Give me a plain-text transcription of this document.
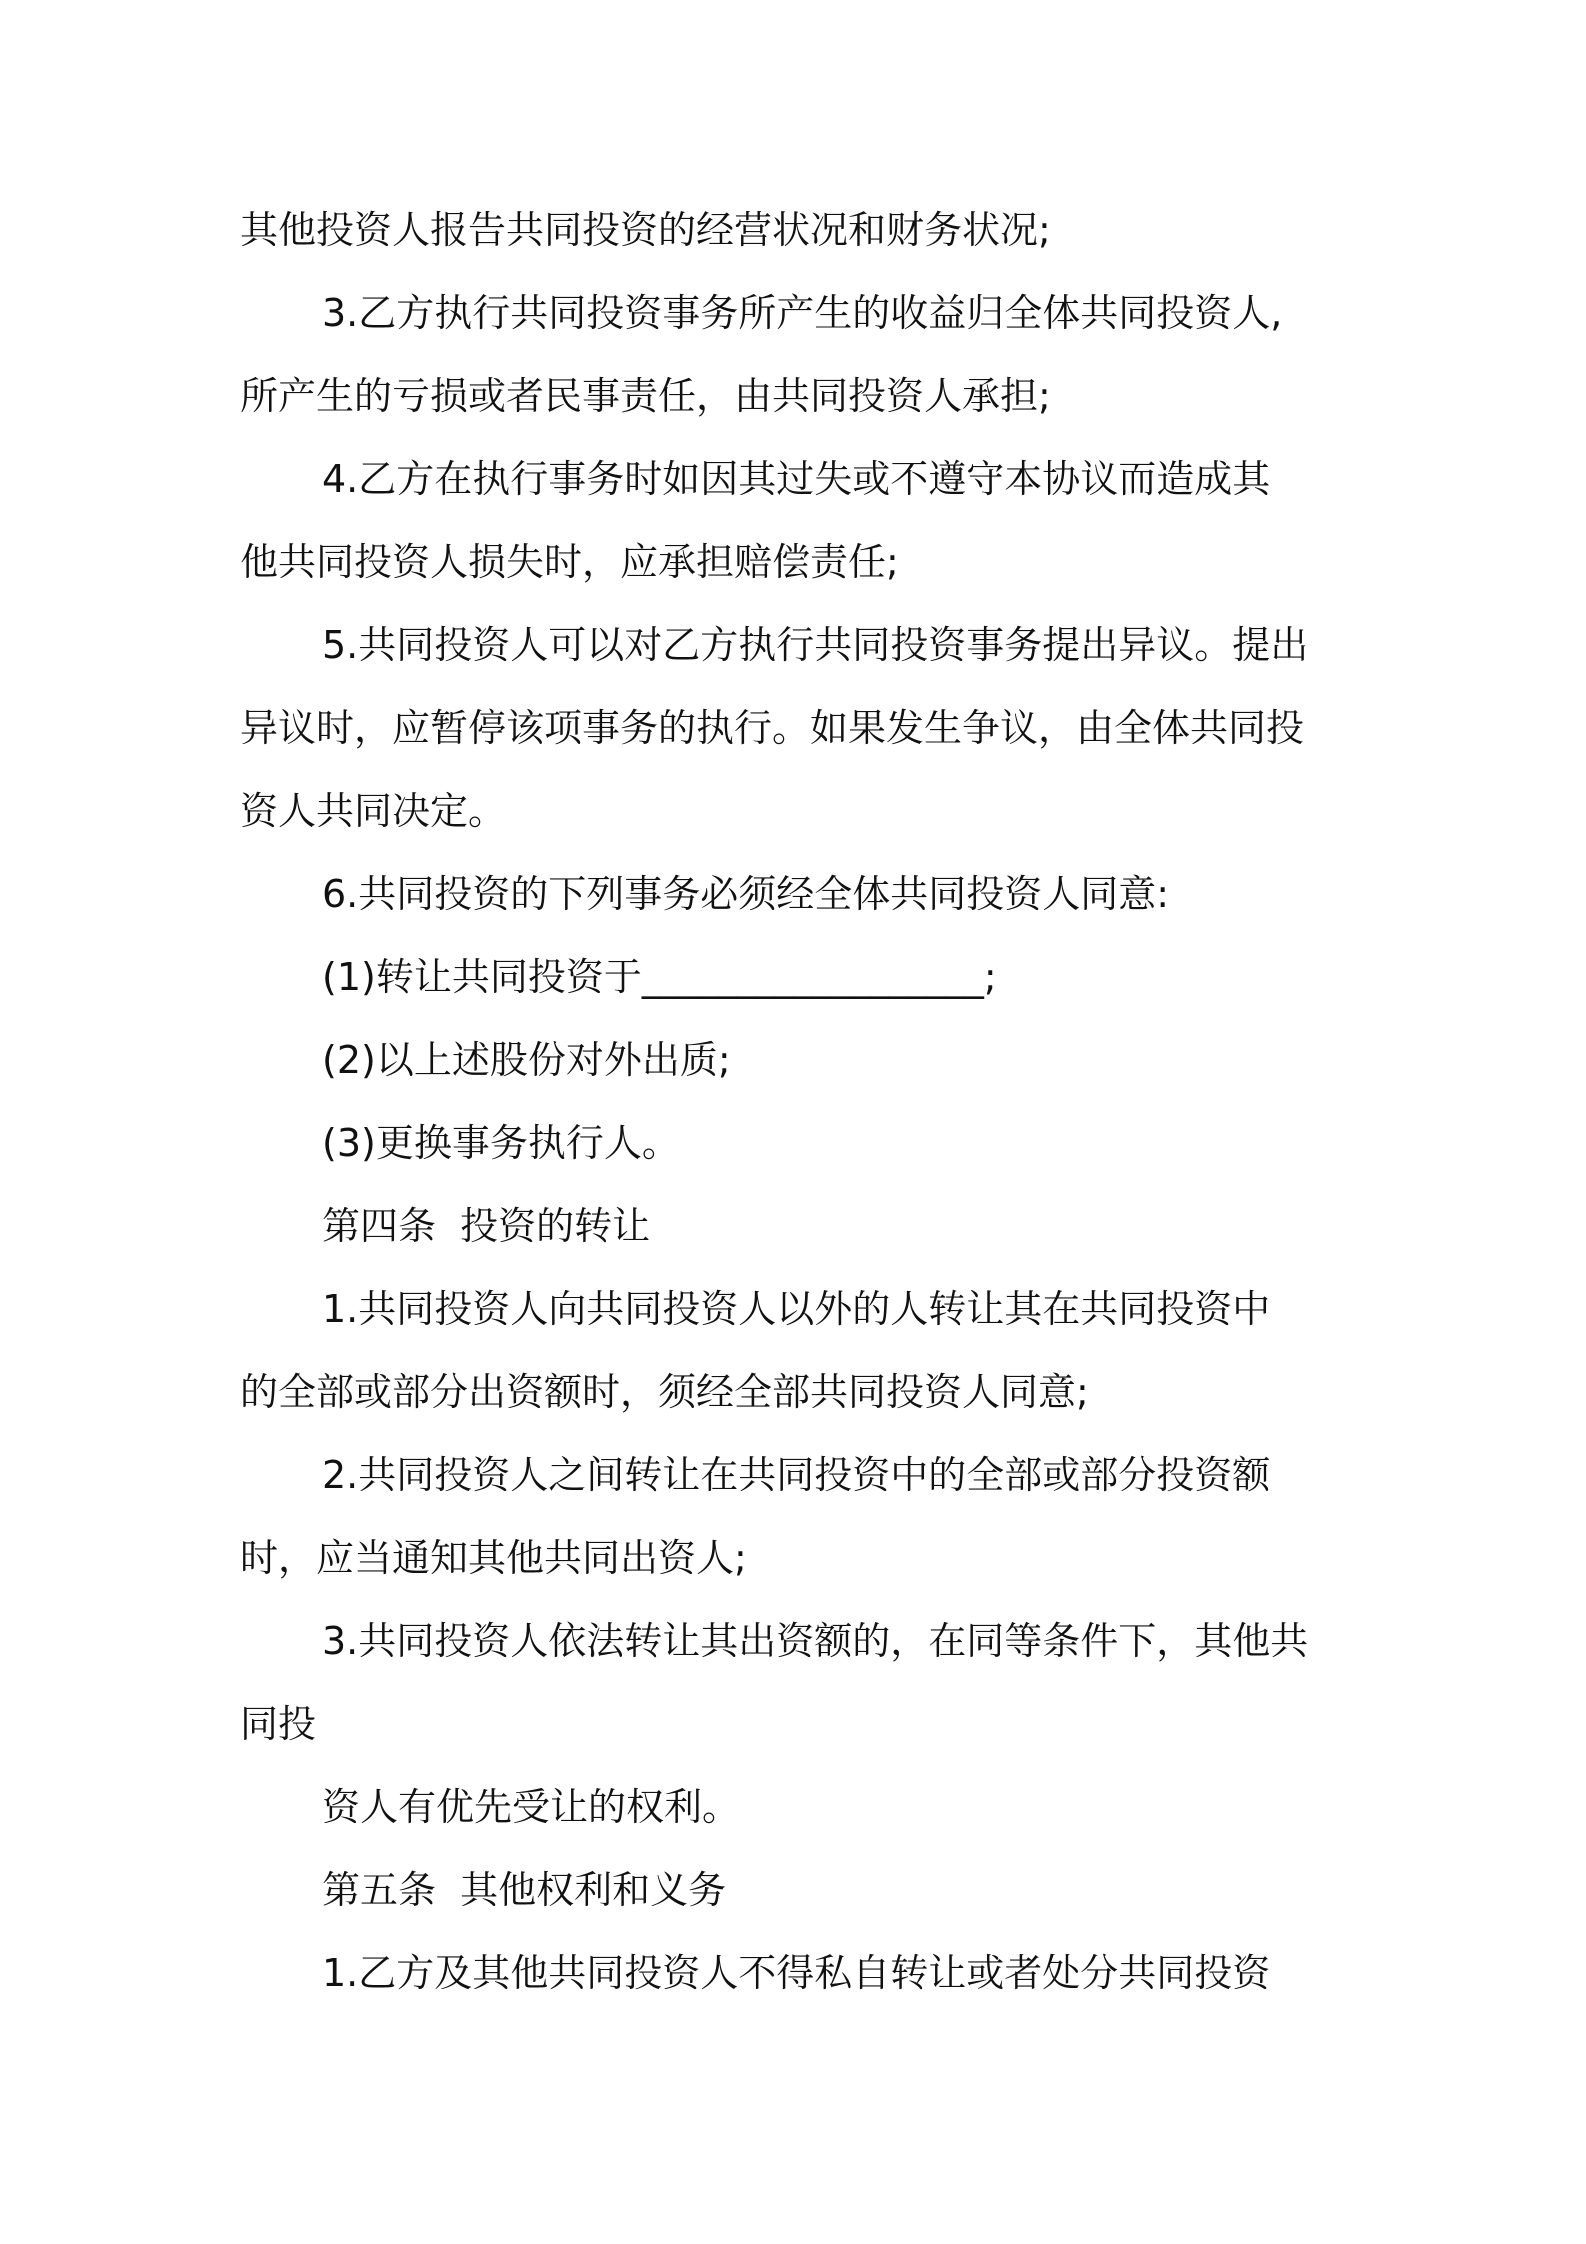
其他投资人报告共同投资的经营状况和财务状况;
3.乙方执行共同投资事务所产生的收益归全体共同投资人,
所产生的亏损或者民事责任，由共同投资人承担;
4.乙方在执行事务时如因其过失或不遵守本协议而造成其
他共同投资人损失时，应承担赔偿责任;
5.共同投资人可以对乙方执行共同投资事务提出异议。提出
异议时，应暂停该项事务的执行。如果发生争议，由全体共同投
资人共同决定。
6.共同投资的下列事务必须经全体共同投资人同意:
(1)转让共同投资于__________________;
(2)以上述股份对外出质;
(3)更换事务执行人。
第四条  投资的转让
1.共同投资人向共同投资人以外的人转让其在共同投资中
的全部或部分出资额时，须经全部共同投资人同意;
2.共同投资人之间转让在共同投资中的全部或部分投资额
时，应当通知其他共同出资人;
3.共同投资人依法转让其出资额的，在同等条件下，其他共
同投
资人有优先受让的权利。
第五条  其他权利和义务
1.乙方及其他共同投资人不得私自转让或者处分共同投资
